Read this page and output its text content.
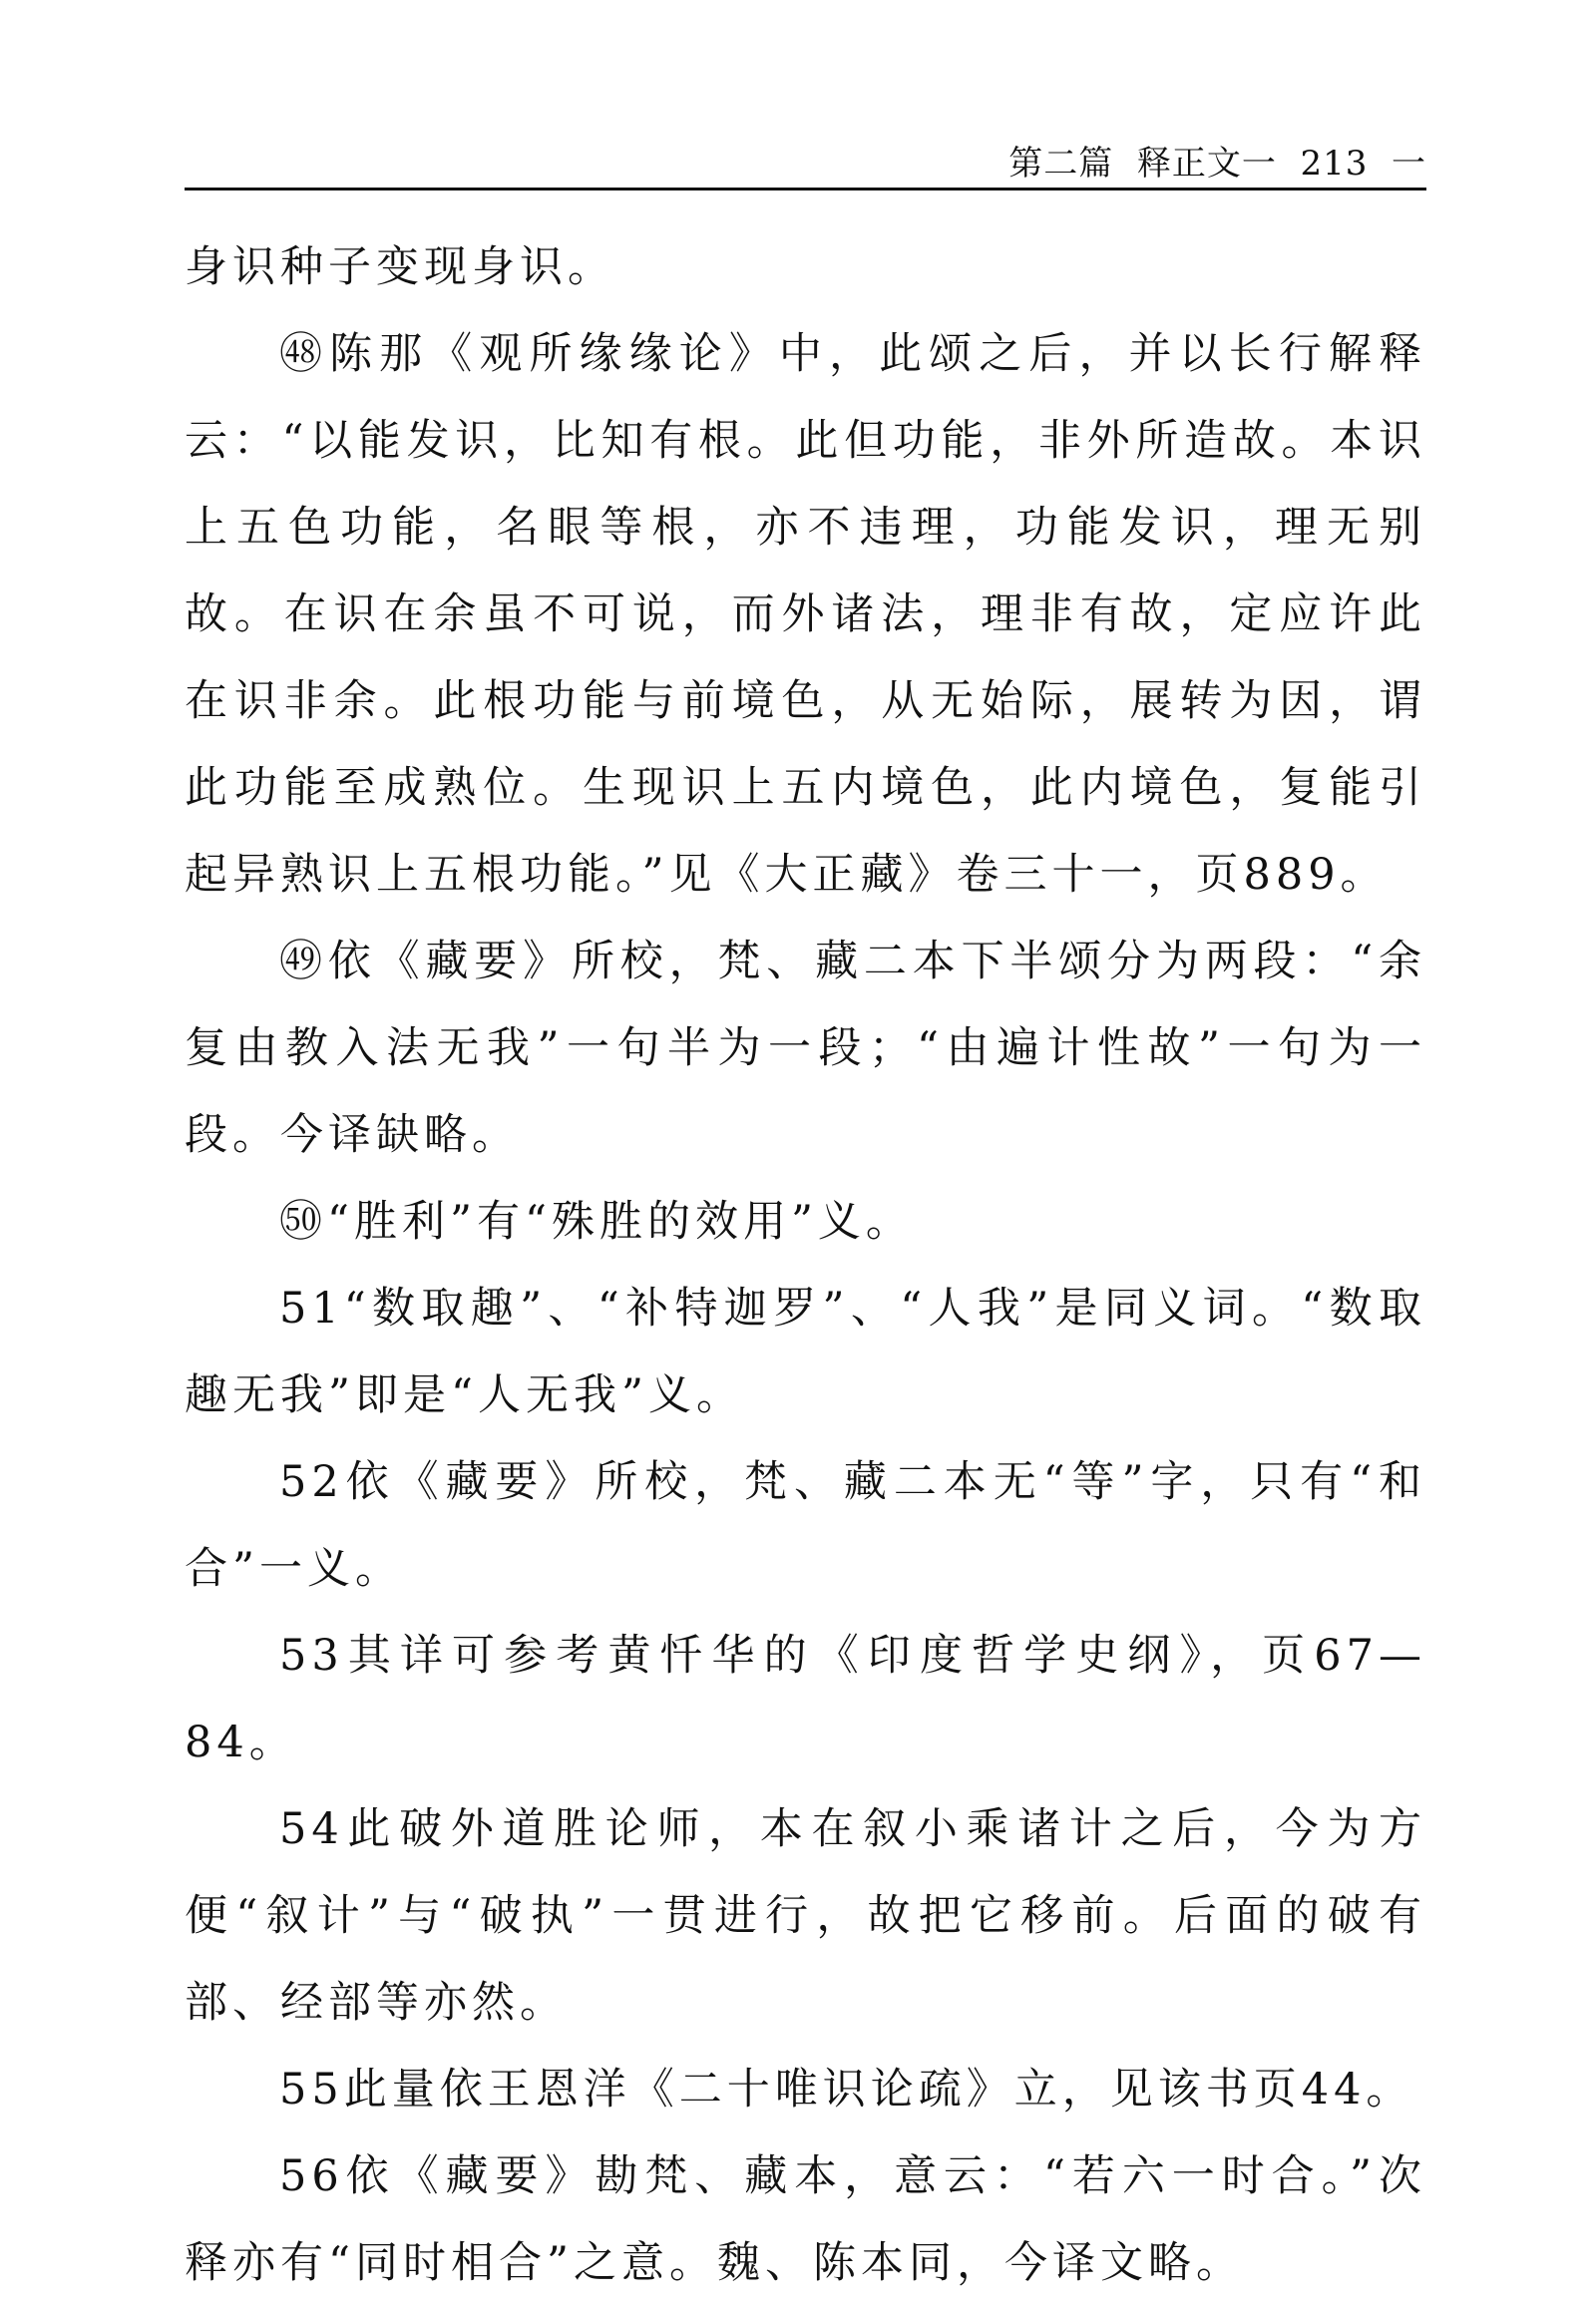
第二篇  释正文一  213  一

身识种子变现身识。

㊽陈那《观所缘缘论》中，此颂之后，并以长行解释云：“以能发识，比知有根。此但功能，非外所造故。本识上五色功能，名眼等根，亦不违理，功能发识，理无别故。在识在余虽不可说，而外诸法，理非有故，定应许此在识非余。此根功能与前境色，从无始际，展转为因，谓此功能至成熟位。生现识上五内境色，此内境色，复能引起异熟识上五根功能。”见《大正藏》卷三十一，页889。

㊾依《藏要》所校，梵、藏二本下半颂分为两段：“余复由教入法无我”一句半为一段；“由遍计性故”一句为一段。今译缺略。

㊿“胜利”有“殊胜的效用”义。

51“数取趣”、“补特迦罗”、“人我”是同义词。“数取趣无我”即是“人无我”义。

52依《藏要》所校，梵、藏二本无“等”字，只有“和合”一义。

53其详可参考黄忏华的《印度哲学史纲》，页67—84。

54此破外道胜论师，本在叙小乘诸计之后，今为方便“叙计”与“破执”一贯进行，故把它移前。后面的破有部、经部等亦然。

55此量依王恩洋《二十唯识论疏》立，见该书页44。

56依《藏要》勘梵、藏本，意云：“若六一时合。”次释亦有“同时相合”之意。魏、陈本同，今译文略。
